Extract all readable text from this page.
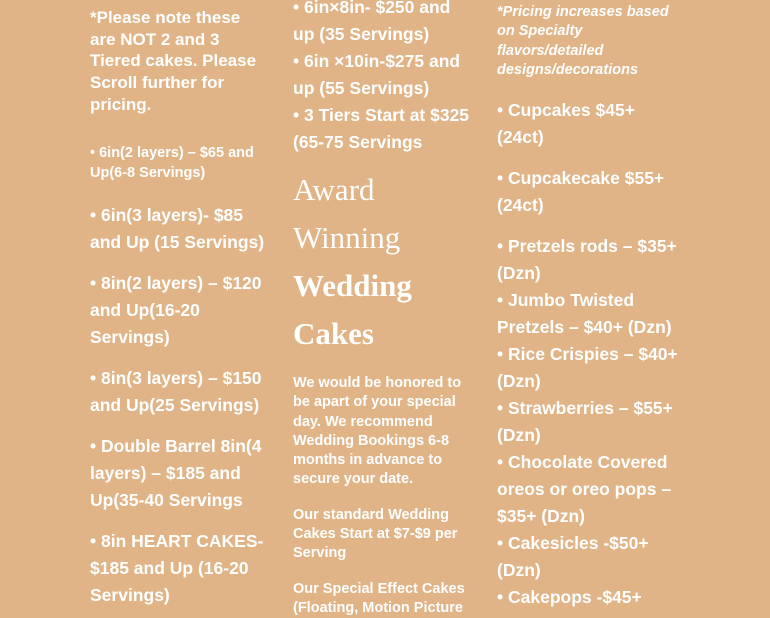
*Please note these are NOT 2 and 3 Tiered cakes. Please Scroll further for pricing.

• 6in(2 layers) – $65 and Up(6-8 Servings)

• 6in(3 layers)- $85 and Up (15 Servings)

• 8in(2 layers) – $120 and Up(16-20 Servings)

• 8in(3 layers) – $150 and Up(25 Servings)

• Double Barrel 8in(4 layers) – $185 and Up(35-40 Servings

• 8in HEART CAKES- $185 and Up (16-20 Servings)

• 6in×8in- $250 and up (35 Servings)

• 6in ×10in-$275 and up (55 Servings)

• 3 Tiers Start at $325 (65-75 Servings

Award Winning

Wedding Cakes

We would be honored to be apart of your special day. We recommend Wedding Bookings 6-8 months in advance to secure your date.

Our standard Wedding Cakes Start at $7-$9 per Serving

Our Special Effect Cakes (Floating, Motion Picture

*Pricing increases based on Specialty flavors/detailed designs/decorations

• Cupcakes $45+ (24ct)

• Cupcakecake $55+ (24ct)

• Pretzels rods – $35+ (Dzn)

• Jumbo Twisted Pretzels – $40+ (Dzn)

• Rice Crispies – $40+ (Dzn)

• Strawberries – $55+ (Dzn)

• Chocolate Covered oreos or oreo pops – $35+ (Dzn)

• Cakesicles -$50+ (Dzn)

• Cakepops -$45+
